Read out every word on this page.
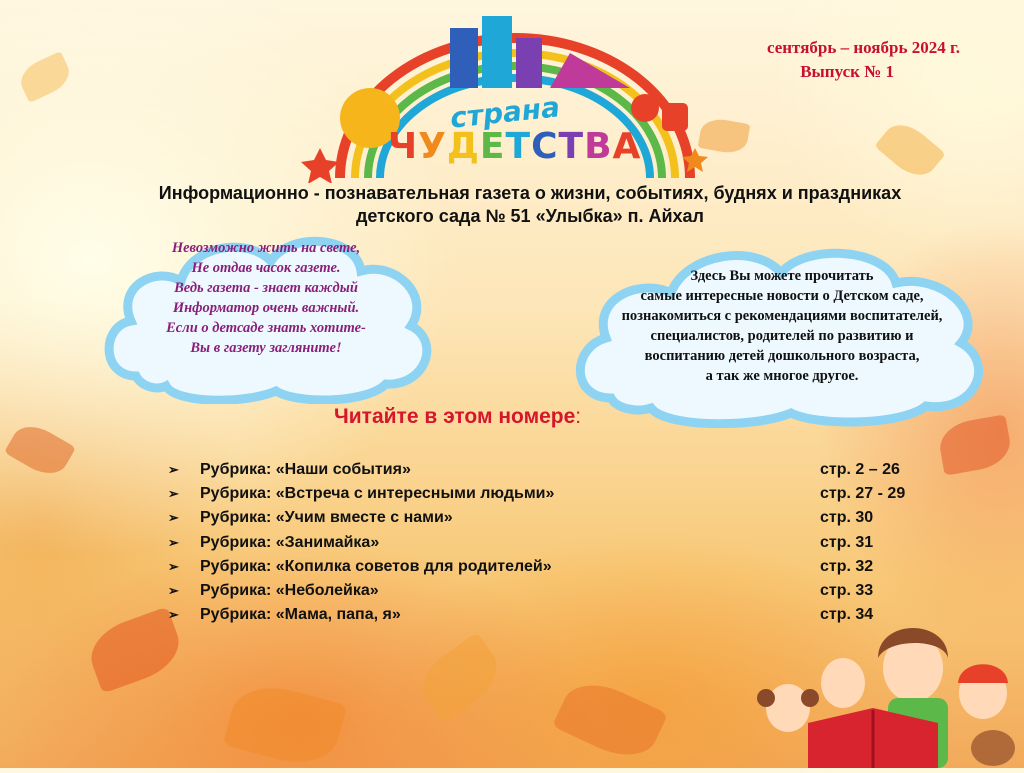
страна
ЧУДЕТСТВА
сентябрь – ноябрь 2024 г.
Выпуск № 1
Информационно - познавательная газета о жизни, событиях, буднях и праздниках
детского сада № 51 «Улыбка» п. Айхал
Невозможно жить на свете,
Не отдав часок газете.
Ведь газета - знает каждый
Информатор очень важный.
Если о детсаде знать хотите-
Вы в газету загляните!
Здесь Вы можете прочитать
самые интересные новости о Детском саде,
познакомиться с рекомендациями воспитателей,
специалистов, родителей по развитию и
воспитанию детей дошкольного возраста,
а так же многое другое.
Читайте в этом номере:
➢ Рубрика: «Наши события»	стр. 2 – 26
➢ Рубрика: «Встреча с интересными людьми»	стр. 27 - 29
➢ Рубрика: «Учим вместе с нами»	стр. 30
➢ Рубрика: «Занимайка»	стр. 31
➢ Рубрика: «Копилка советов для родителей»	стр. 32
➢ Рубрика: «Неболейка»	стр. 33
➢ Рубрика: «Мама, папа, я»	стр. 34
